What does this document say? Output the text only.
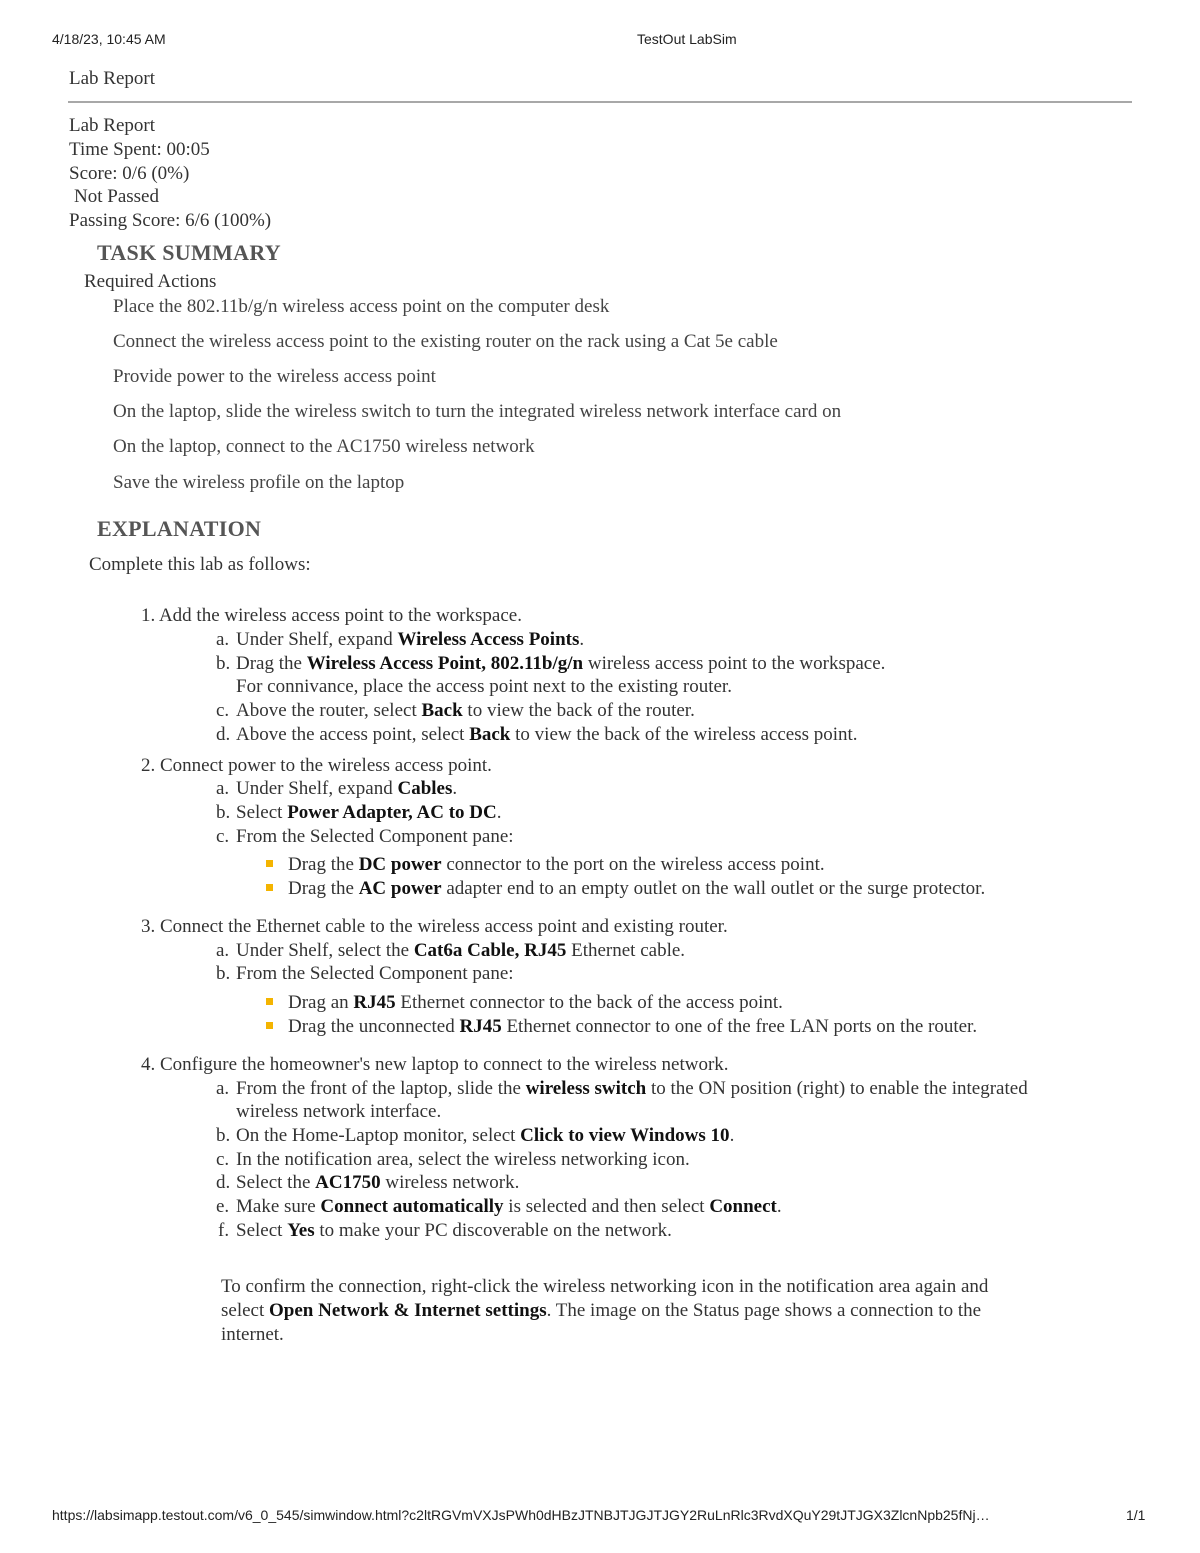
4/18/23, 10:45 AM	TestOut LabSim
Lab Report
Lab Report
Time Spent: 00:05
Score: 0/6 (0%)
Not Passed
Passing Score: 6/6 (100%)
TASK SUMMARY
Required Actions
Place the 802.11b/g/n wireless access point on the computer desk
Connect the wireless access point to the existing router on the rack using a Cat 5e cable
Provide power to the wireless access point
On the laptop, slide the wireless switch to turn the integrated wireless network interface card on
On the laptop, connect to the AC1750 wireless network
Save the wireless profile on the laptop
EXPLANATION
Complete this lab as follows:
1. Add the wireless access point to the workspace.
a. Under Shelf, expand Wireless Access Points.
b. Drag the Wireless Access Point, 802.11b/g/n wireless access point to the workspace.
For connivance, place the access point next to the existing router.
c. Above the router, select Back to view the back of the router.
d. Above the access point, select Back to view the back of the wireless access point.
2. Connect power to the wireless access point.
a. Under Shelf, expand Cables.
b. Select Power Adapter, AC to DC.
c. From the Selected Component pane:
Drag the DC power connector to the port on the wireless access point.
Drag the AC power adapter end to an empty outlet on the wall outlet or the surge protector.
3. Connect the Ethernet cable to the wireless access point and existing router.
a. Under Shelf, select the Cat6a Cable, RJ45 Ethernet cable.
b. From the Selected Component pane:
Drag an RJ45 Ethernet connector to the back of the access point.
Drag the unconnected RJ45 Ethernet connector to one of the free LAN ports on the router.
4. Configure the homeowner's new laptop to connect to the wireless network.
a. From the front of the laptop, slide the wireless switch to the ON position (right) to enable the integrated
wireless network interface.
b. On the Home-Laptop monitor, select Click to view Windows 10.
c. In the notification area, select the wireless networking icon.
d. Select the AC1750 wireless network.
e. Make sure Connect automatically is selected and then select Connect.
f. Select Yes to make your PC discoverable on the network.
To confirm the connection, right-click the wireless networking icon in the notification area again and
select Open Network & Internet settings. The image on the Status page shows a connection to the
internet.
https://labsimapp.testout.com/v6_0_545/simwindow.html?c2ltRGVmVXJsPWh0dHBzJTNBJTJGJTJGY2RuLnRlc3RvdXQuY29tJTJGX3ZlcnNpb25fNj…	1/1
